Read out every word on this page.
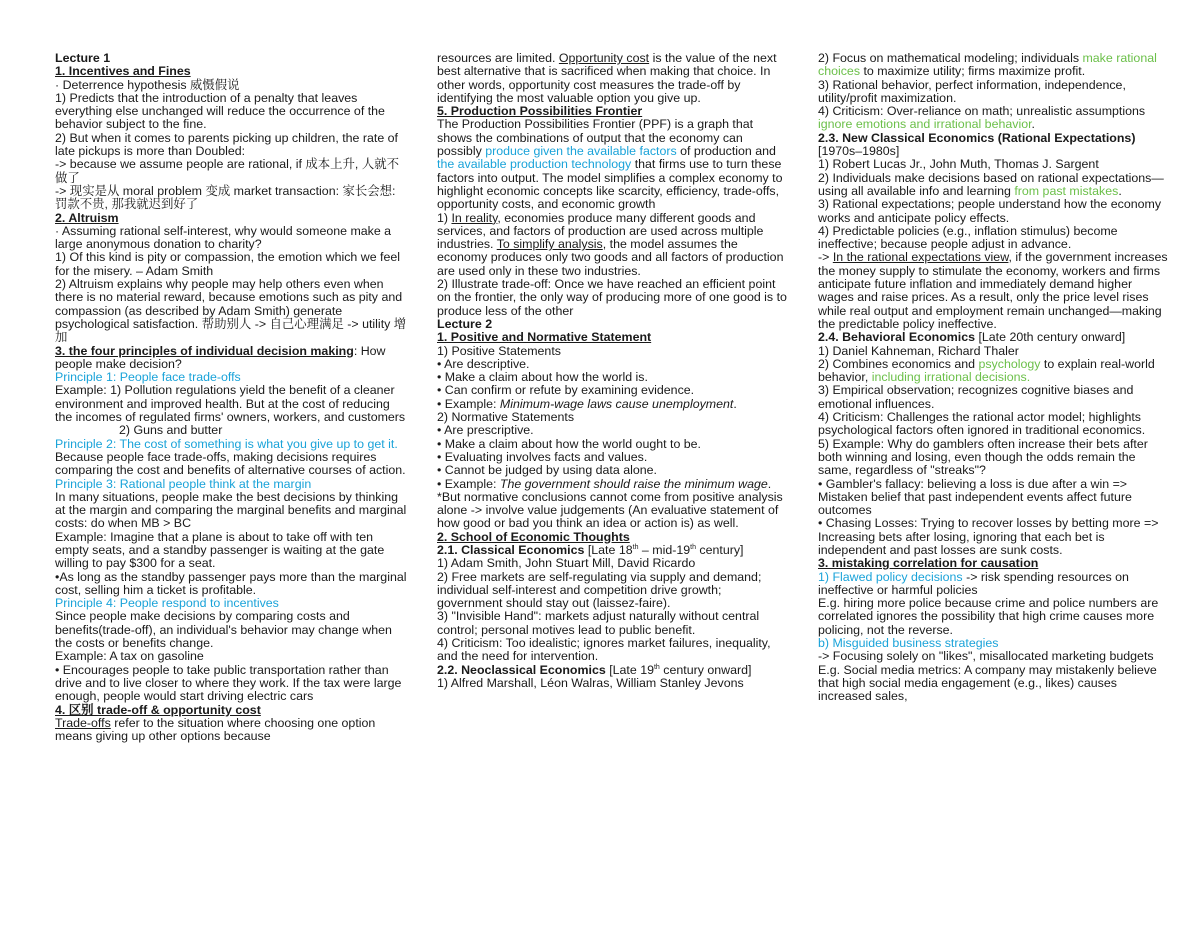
Lecture 1

1. Incentives and Fines

· Deterrence hypothesis 威慑假说

1) Predicts that the introduction of a penalty that leaves everything else unchanged will reduce the occurrence of the behavior subject to the fine.

2) But when it comes to parents picking up children, the rate of late pickups is more than Doubled:

-> because we assume people are rational, if 成本上升, 人就不做了

-> 现实是从 moral problem 变成 market transaction: 家长会想: 罚款不贵, 那我就迟到好了

2. Altruism

· Assuming rational self-interest, why would someone make a large anonymous donation to charity?

1) Of this kind is pity or compassion, the emotion which we feel for the misery. – Adam Smith

2) Altruism explains why people may help others even when there is no material reward, because emotions such as pity and compassion (as described by Adam Smith) generate psychological satisfaction. 帮助别人 -> 自己心理满足 -> utility 增加

3. the four principles of individual decision making: How people make decision?

Principle 1: People face trade-offs

Example: 1) Pollution regulations yield the benefit of a cleaner environment and improved health. But at the cost of reducing the incomes of regulated firms' owners, workers, and customers

2) Guns and butter

Principle 2: The cost of something is what you give up to get it.

Because people face trade-offs, making decisions requires comparing the cost and benefits of alternative courses of action.

Principle 3: Rational people think at the margin

In many situations, people make the best decisions by thinking at the margin and comparing the marginal benefits and marginal costs: do when MB > BC

Example: Imagine that a plane is about to take off with ten empty seats, and a standby passenger is waiting at the gate willing to pay $300 for a seat.

•As long as the standby passenger pays more than the marginal cost, selling him a ticket is profitable.

Principle 4: People respond to incentives

Since people make decisions by comparing costs and benefits(trade-off), an individual's behavior may change when the costs or benefits change.

Example: A tax on gasoline

• Encourages people to take public transportation rather than drive and to live closer to where they work. If the tax were large enough, people would start driving electric cars

4. 区别 trade-off & opportunity cost

Trade-offs refer to the situation where choosing one option means giving up other options because

resources are limited. Opportunity cost is the value of the next best alternative that is sacrificed when making that choice. In other words, opportunity cost measures the trade-off by identifying the most valuable option you give up.

5. Production Possibilities Frontier

The Production Possibilities Frontier (PPF) is a graph that shows the combinations of output that the economy can possibly produce given the available factors of production and the available production technology that firms use to turn these factors into output. The model simplifies a complex economy to highlight economic concepts like scarcity, efficiency, trade-offs, opportunity costs, and economic growth

1) In reality, economies produce many different goods and services, and factors of production are used across multiple industries. To simplify analysis, the model assumes the economy produces only two goods and all factors of production are used only in these two industries.

2) Illustrate trade-off: Once we have reached an efficient point on the frontier, the only way of producing more of one good is to produce less of the other

Lecture 2

1. Positive and Normative Statement

1) Positive Statements

• Are descriptive.

• Make a claim about how the world is.

• Can confirm or refute by examining evidence.

• Example: Minimum-wage laws cause unemployment.

2) Normative Statements

• Are prescriptive.

• Make a claim about how the world ought to be.

• Evaluating involves facts and values.

• Cannot be judged by using data alone.

• Example: The government should raise the minimum wage.

*But normative conclusions cannot come from positive analysis alone -> involve value judgements (An evaluative statement of how good or bad you think an idea or action is) as well.

2. School of Economic Thoughts

2.1. Classical Economics [Late 18th – mid-19th century]

1) Adam Smith, John Stuart Mill, David Ricardo

2) Free markets are self-regulating via supply and demand; individual self-interest and competition drive growth; government should stay out (laissez-faire).

3) "Invisible Hand": markets adjust naturally without central control; personal motives lead to public benefit.

4) Criticism: Too idealistic; ignores market failures, inequality, and the need for intervention.

2.2. Neoclassical Economics [Late 19th century onward]

1) Alfred Marshall, Léon Walras, William Stanley Jevons

2) Focus on mathematical modeling; individuals make rational choices to maximize utility; firms maximize profit.

3) Rational behavior, perfect information, independence, utility/profit maximization.

4) Criticism: Over-reliance on math; unrealistic assumptions ignore emotions and irrational behavior.

2.3. New Classical Economics (Rational Expectations) [1970s–1980s]

1) Robert Lucas Jr., John Muth, Thomas J. Sargent

2) Individuals make decisions based on rational expectations—using all available info and learning from past mistakes.

3) Rational expectations; people understand how the economy works and anticipate policy effects.

4) Predictable policies (e.g., inflation stimulus) become ineffective; because people adjust in advance.

-> In the rational expectations view, if the government increases the money supply to stimulate the economy, workers and firms anticipate future inflation and immediately demand higher wages and raise prices. As a result, only the price level rises while real output and employment remain unchanged—making the predictable policy ineffective.

2.4. Behavioral Economics [Late 20th century onward]

1) Daniel Kahneman, Richard Thaler

2) Combines economics and psychology to explain real-world behavior, including irrational decisions.

3) Empirical observation; recognizes cognitive biases and emotional influences.

4) Criticism: Challenges the rational actor model; highlights psychological factors often ignored in traditional economics.

5) Example: Why do gamblers often increase their bets after both winning and losing, even though the odds remain the same, regardless of "streaks"?

• Gambler's fallacy: believing a loss is due after a win => Mistaken belief that past independent events affect future outcomes

• Chasing Losses: Trying to recover losses by betting more => Increasing bets after losing, ignoring that each bet is independent and past losses are sunk costs.

3. mistaking correlation for causation

1) Flawed policy decisions -> risk spending resources on ineffective or harmful policies

E.g. hiring more police because crime and police numbers are correlated ignores the possibility that high crime causes more policing, not the reverse.

b) Misguided business strategies

-> Focusing solely on "likes", misallocated marketing budgets

E.g. Social media metrics: A company may mistakenly believe that high social media engagement (e.g., likes) causes increased sales,
